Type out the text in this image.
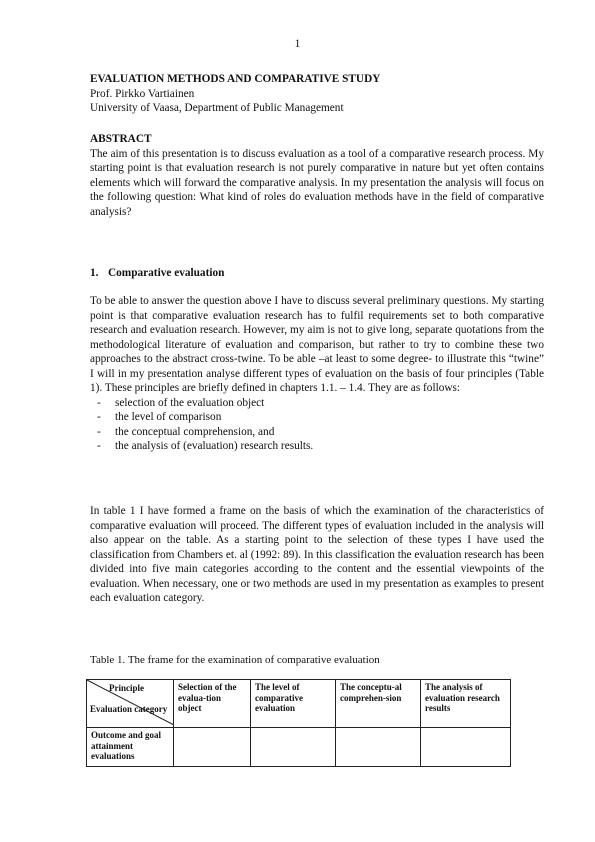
1
EVALUATION METHODS AND COMPARATIVE STUDY
Prof. Pirkko Vartiainen
University of Vaasa, Department of Public Management
ABSTRACT
The aim of this presentation is to discuss evaluation as a tool of a comparative research process. My starting point is that evaluation research is not purely comparative in nature but yet often contains elements which will forward the comparative analysis. In my presentation the analysis will focus on the following question: What kind of roles do evaluation methods have in the field of comparative analysis?
1. Comparative evaluation
To be able to answer the question above I have to discuss several preliminary questions. My starting point is that comparative evaluation research has to fulfil requirements set to both comparative research and evaluation research. However, my aim is not to give long, separate quotations from the methodological literature of evaluation and comparison, but rather to try to combine these two approaches to the abstract cross-twine. To be able –at least to some degree- to illustrate this “twine” I will in my presentation analyse different types of evaluation on the basis of four principles (Table 1). These principles are briefly defined in chapters 1.1. – 1.4. They are as follows:
- selection of the evaluation object
- the level of comparison
- the conceptual comprehension, and
- the analysis of (evaluation) research results.
In table 1 I have formed a frame on the basis of which the examination of the characteristics of comparative evaluation will proceed. The different types of evaluation included in the analysis will also appear on the table. As a starting point to the selection of these types I have used the classification from Chambers et. al (1992: 89). In this classification the evaluation research has been divided into five main categories according to the content and the essential viewpoints of the evaluation. When necessary, one or two methods are used in my presentation as examples to present each evaluation category.
Table 1. The frame for the examination of comparative evaluation
Principle
Evaluation category	Selection of the evalua-tion object	The level of comparative evaluation	The conceptu-al comprehen-sion	The analysis of evaluation research results
Outcome and goal attainment evaluations				
